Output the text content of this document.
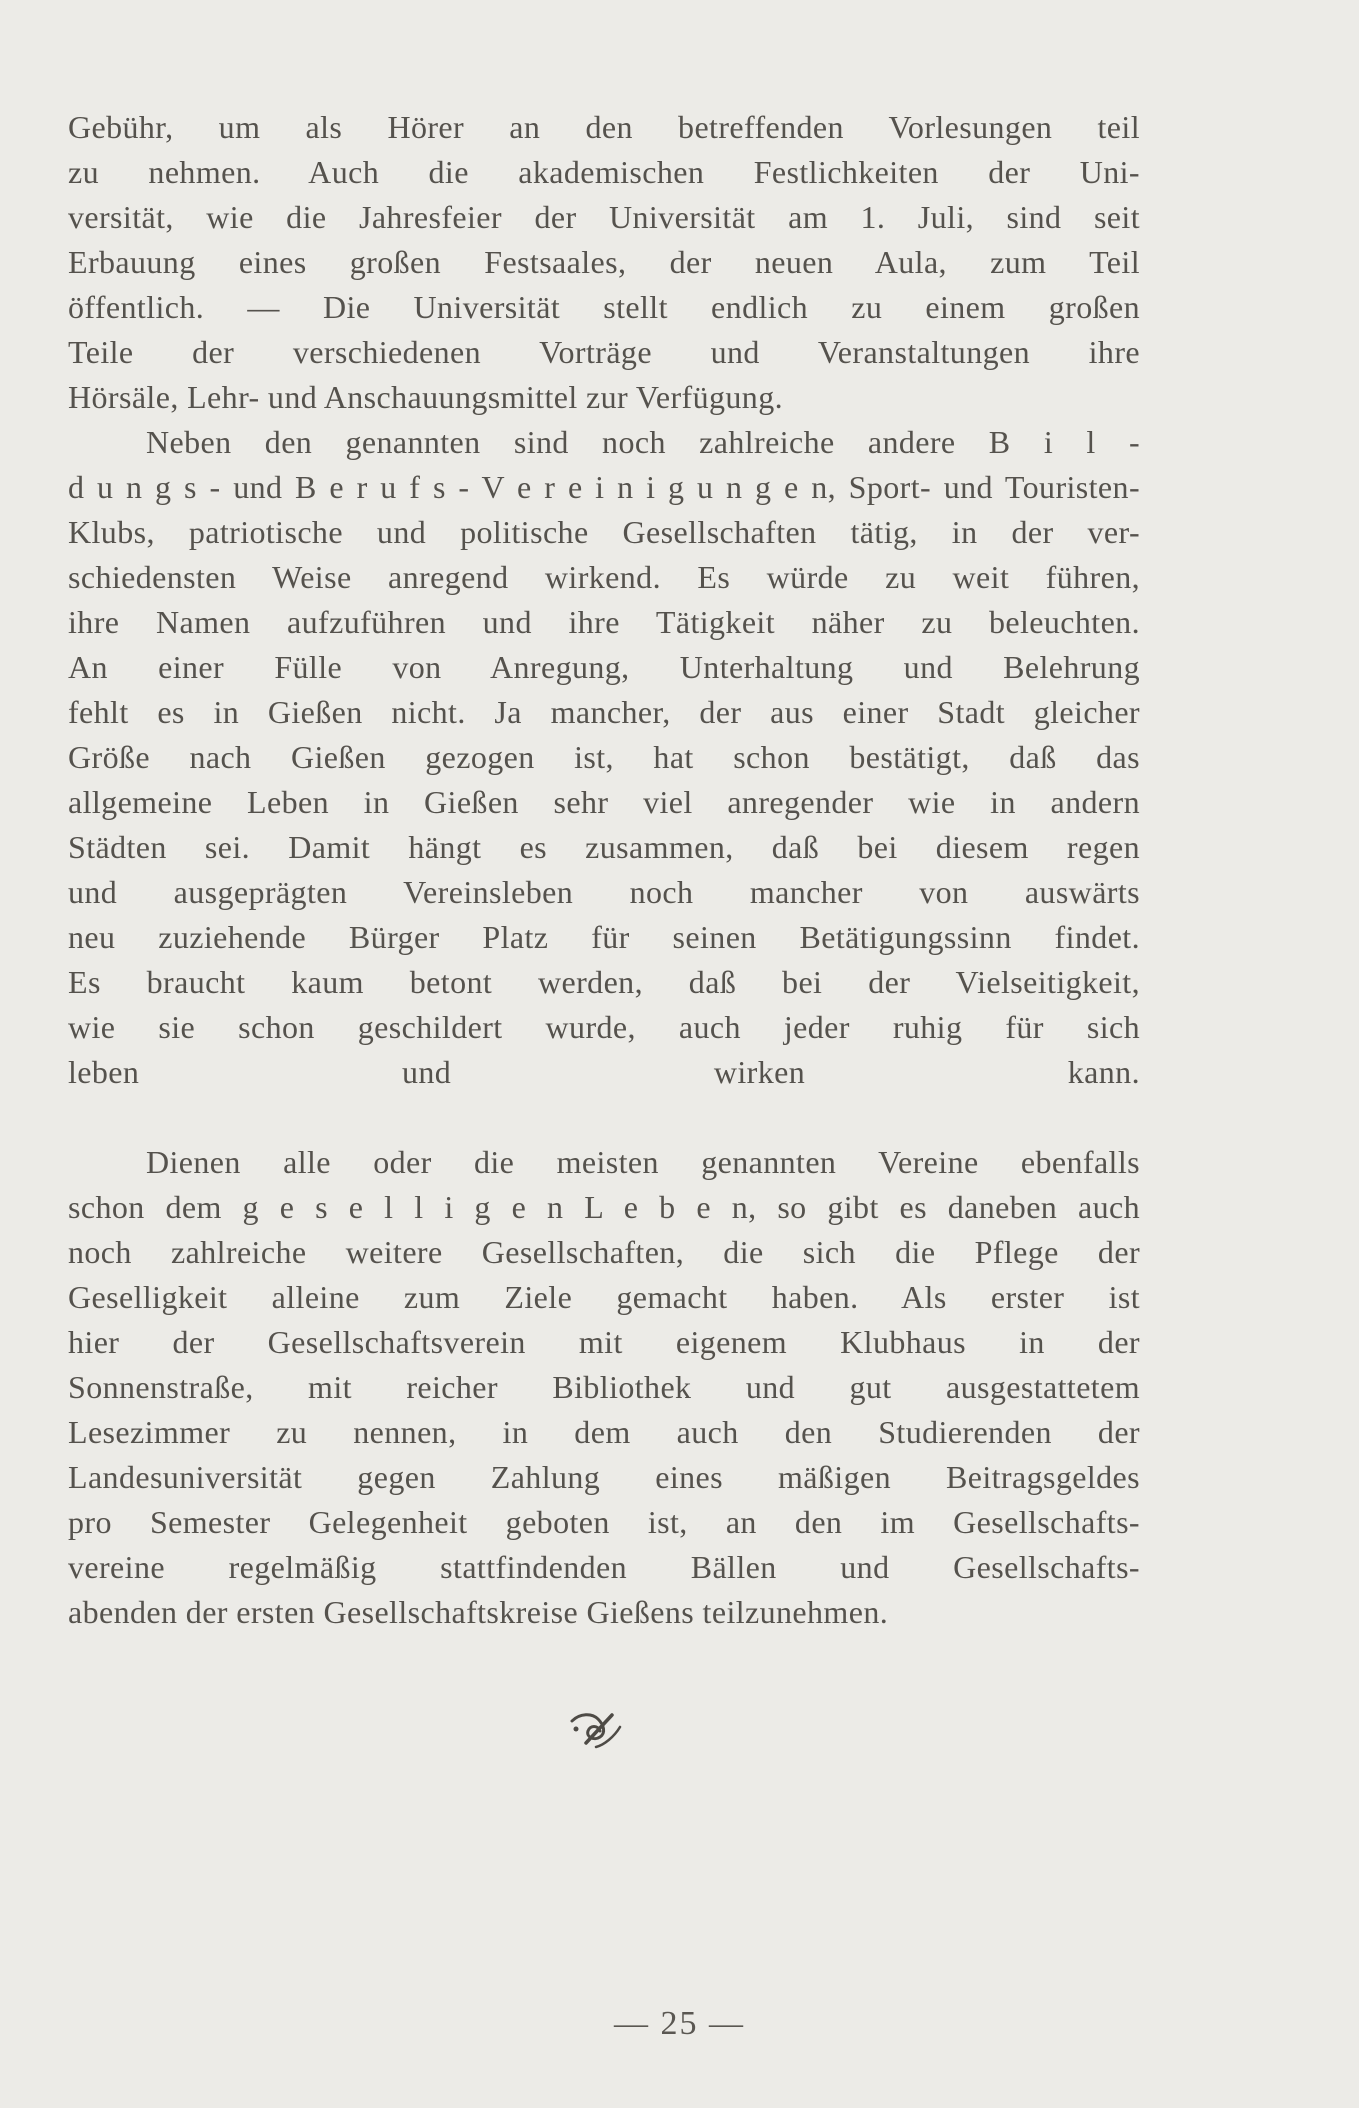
Gebühr, um als Hörer an den betreffenden Vorlesungen teil
zu nehmen. Auch die akademischen Festlichkeiten der Uni-
versität, wie die Jahresfeier der Universität am 1. Juli, sind seit
Erbauung eines großen Festsaales, der neuen Aula, zum Teil
öffentlich. — Die Universität stellt endlich zu einem großen
Teile der verschiedenen Vorträge und Veranstaltungen ihre
Hörsäle, Lehr- und Anschauungsmittel zur Verfügung.
Neben den genannten sind noch zahlreiche andere B i l -
d u n g s - und B e r u f s - V e r e i n i g u n g e n, Sport- und Touristen-
Klubs, patriotische und politische Gesellschaften tätig, in der ver-
schiedensten Weise anregend wirkend. Es würde zu weit führen,
ihre Namen aufzuführen und ihre Tätigkeit näher zu beleuchten.
An einer Fülle von Anregung, Unterhaltung und Belehrung
fehlt es in Gießen nicht. Ja mancher, der aus einer Stadt gleicher
Größe nach Gießen gezogen ist, hat schon bestätigt, daß das
allgemeine Leben in Gießen sehr viel anregender wie in andern
Städten sei. Damit hängt es zusammen, daß bei diesem regen
und ausgeprägten Vereinsleben noch mancher von auswärts
neu zuziehende Bürger Platz für seinen Betätigungssinn findet.
Es braucht kaum betont werden, daß bei der Vielseitigkeit,
wie sie schon geschildert wurde, auch jeder ruhig für sich
leben und wirken kann.
Dienen alle oder die meisten genannten Vereine ebenfalls
schon dem g e s e l l i g e n L e b e n, so gibt es daneben auch
noch zahlreiche weitere Gesellschaften, die sich die Pflege der
Geselligkeit alleine zum Ziele gemacht haben. Als erster ist
hier der Gesellschaftsverein mit eigenem Klubhaus in der
Sonnenstraße, mit reicher Bibliothek und gut ausgestattetem
Lesezimmer zu nennen, in dem auch den Studierenden der
Landesuniversität gegen Zahlung eines mäßigen Beitragsgeldes
pro Semester Gelegenheit geboten ist, an den im Gesellschafts-
vereine regelmäßig stattfindenden Bällen und Gesellschafts-
abenden der ersten Gesellschaftskreise Gießens teilzunehmen.
— 25 —
